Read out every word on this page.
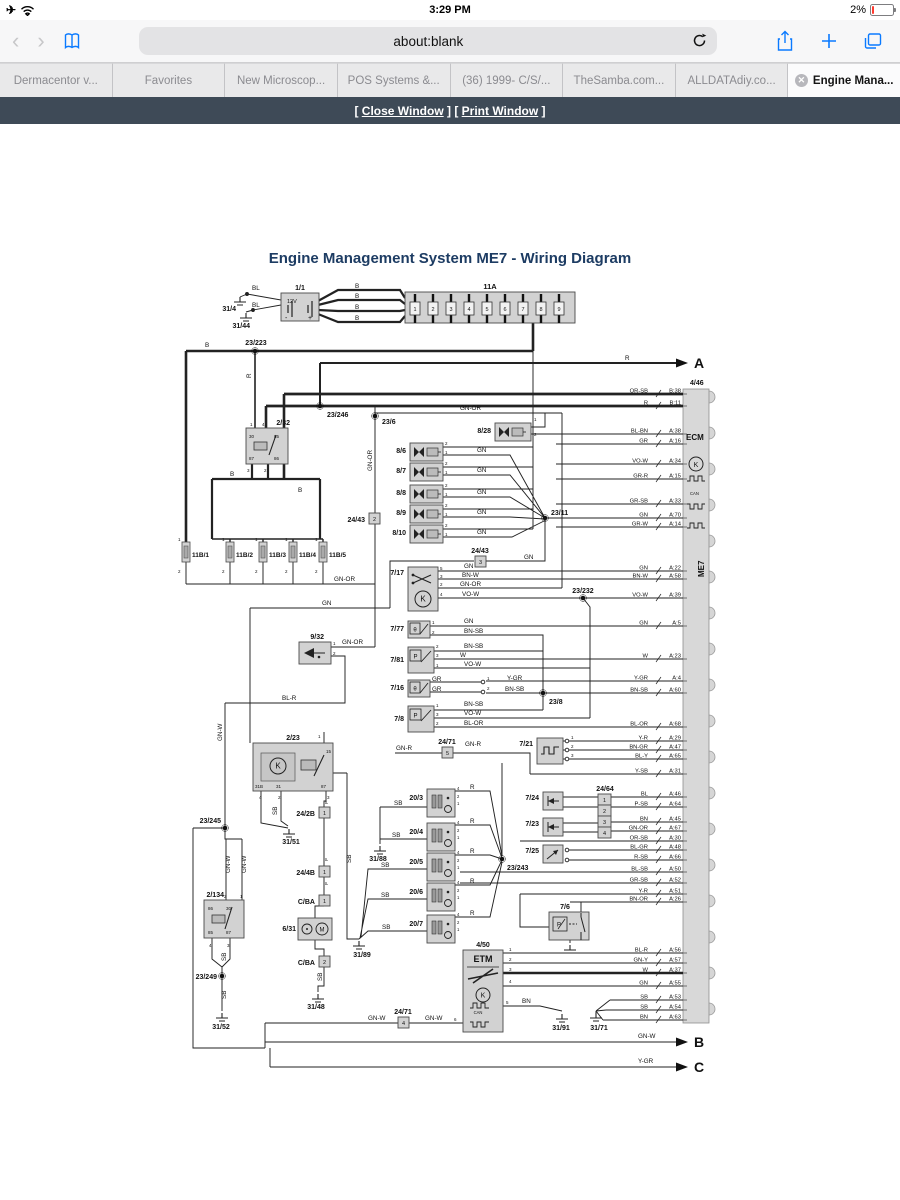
✈	3:29 PM	2%
‹ ›	about:blank
Dermacentor v...	Favorites	New Microscop... POS Systems &... (36) 1999- C/S/... TheSamba.com... ALLDATAdiy.co...	✕ Engine Mana...
[ Close Window ] [ Print Window ]
Engine Management System ME7 - Wiring Diagram
4/46
K
OR-SB	B:38
R	B:11
BL-BN	A:38
GR	A:16
VO-W	A:34
GR-R	A:15
GR-SB	A:33
GN	A:70
GR-W	A:14
GN	A:22
BN-W	A:58
VO-W	A:39
GN	A:5
W	A:23
Y-GR	A:4
BN-SB	A:60
BL-OR	A:68
Y-R	A:29
BN-GR	A:47
BL-Y	A:65
Y-SB	A:31
BL	A:46
P-SB	A:64
BN	A:45
GN-OR	A:67
OR-SB	A:30
BL-GR	A:48
R-SB	A:66
BL-SB	A:50
GR-SB	A:52
Y-R	A:51
BN-OR	A:26
BL-R	A:56
GN-Y	A:57
W	A:37
GN	A:55
SB	A:53
SB	A:54
BN	A:63
11A
1	2	3	4	5	6	7	8	9
11B/1
1
2
11B/2
1
2
11B/3
1
2
11B/4
1
2
11B/5
1
2
1/1
2/32
2/23
K
2/134
6/31	M
9/32
4/50
K
7/17
K
7/77 θ
7/81 P
7/16 θ
7/8 P
7/21
7/24
7/23
7/25
7/6
P
8/28
8/6
8/7
8/8
8/9
8/10
20/3
20/4
20/5
20/6
20/7
2
24/43
3
24/43
5
24/71
4
24/71
1
24/2B
1
24/4B
1
C/BA
2
C/BA
24/64
1
2
3
4
31/4
31/44
31/51
31/88
31/89
31/48
31/52	31/91	31/71
23/223
23/246
23/6
23/11
23/232
23/8
23/243
23/245
23/249
A
B
C
BL
BL
B
B
B
B
B
R
R
B
B
GN-OR
GN-OR
GN-OR
GN
GN
GN
GN
GN
2
1
2
1
2
1
2
1
2
1
1
2
GN
GN
5
3
2
4
GN
BN-W
GN-OR
VO-W
1
2
GN-OR
BL-R
1
2
GN
BN-SB
2
3
1
BN-SB
W
VO-W
GR
GR
1
2
Y-GR
BN-SB
1
3
2
BN-SB
VO-W
BL-OR
1
2
3
GN-R
GN-R
1
15
31B	31	87
4	2	3
1 4
30	85
87	86
3	2
2	1
86	30
85	87
4	3
R
R
R
R
R
4
2
1
4
2
1
4
2
1
4
2
1
4
2
1
SB
SB
SB
SB
SB
SB
SB
SB
SB
SB
P
P
P
GN-W
GN-W GN-W
GN-W	GN-W	6
1
2
3
4
5 BN
GN-W
Y-GR
ECM
CAN
ME7
ETM
CAN
12V
-	+
